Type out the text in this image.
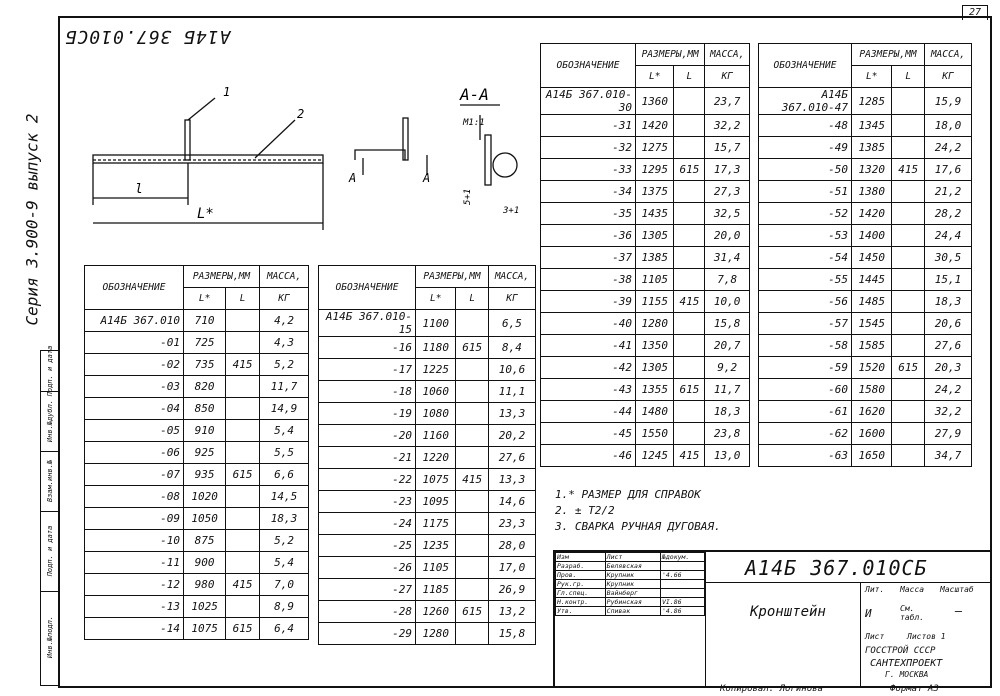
27
А14Б 367.010СБ
Серия 3.900-9 выпуск 2
Подп. и дата
Инв.№дубл.
Взам.инв.№
Подп. и дата
Инв.№подл.
1
2
l
L*
А-А
М1:1
А	А
5+1
3+1
ОБОЗНАЧЕНИЕ	РАЗМЕРЫ,ММ		МАССА,
	L*	L	КГ
А14Б 367.010	710		4,2
-01	725		4,3
-02	735	415	5,2
-03	820		11,7
-04	850		14,9
-05	910		5,4
-06	925		5,5
-07	935	615	6,6
-08	1020		14,5
-09	1050		18,3
-10	875		5,2
-11	900		5,4
-12	980	415	7,0
-13	1025		8,9
-14	1075	615	6,4
ОБОЗНАЧЕНИЕ	РАЗМЕРЫ,ММ		МАССА,
	L*	L	КГ
А14Б 367.010-15	1100		6,5
-16	1180	615	8,4
-17	1225		10,6
-18	1060		11,1
-19	1080		13,3
-20	1160		20,2
-21	1220		27,6
-22	1075	415	13,3
-23	1095		14,6
-24	1175		23,3
-25	1235		28,0
-26	1105		17,0
-27	1185		26,9
-28	1260	615	13,2
-29	1280		15,8
ОБОЗНАЧЕНИЕ	РАЗМЕРЫ,ММ		МАССА,
	L*	L	КГ
А14Б 367.010-30	1360		23,7
-31	1420		32,2
-32	1275		15,7
-33	1295	615	17,3
-34	1375		27,3
-35	1435		32,5
-36	1305		20,0
-37	1385		31,4
-38	1105		7,8
-39	1155	415	10,0
-40	1280		15,8
-41	1350		20,7
-42	1305		9,2
-43	1355	615	11,7
-44	1480		18,3
-45	1550		23,8
-46	1245	415	13,0
ОБОЗНАЧЕНИЕ	РАЗМЕРЫ,ММ		МАССА,
	L*	L	КГ
А14Б 367.010-47	1285		15,9
-48	1345		18,0
-49	1385		24,2
-50	1320	415	17,6
-51	1380		21,2
-52	1420		28,2
-53	1400		24,4
-54	1450		30,5
-55	1445		15,1
-56	1485		18,3
-57	1545		20,6
-58	1585		27,6
-59	1520	615	20,3
-60	1580		24,2
-61	1620		32,2
-62	1600		27,9
-63	1650		34,7
1.* РАЗМЕР ДЛЯ СПРАВОК
2. ± T2/2
3. СВАРКА РУЧНАЯ ДУГОВАЯ.
Изм	Лист	№докум.
Разраб.	Белявская	
Пров.	Крупник	'4.66
Рук.гр.	Крупник	
Гл.спец.	Вайнберг	
Н.контр.	Рубинская	VI.86
Утв.	Спивак	'4.86
А14Б 367.010СБ
Кронштейн
Лит. Масса Масштаб
И	См. табл.	—
Лист	Листов 1
ГОССТРОЙ СССР
САНТЕХПРОЕКТ
Г. МОСКВА
Копировал: Логинова	Формат А3
